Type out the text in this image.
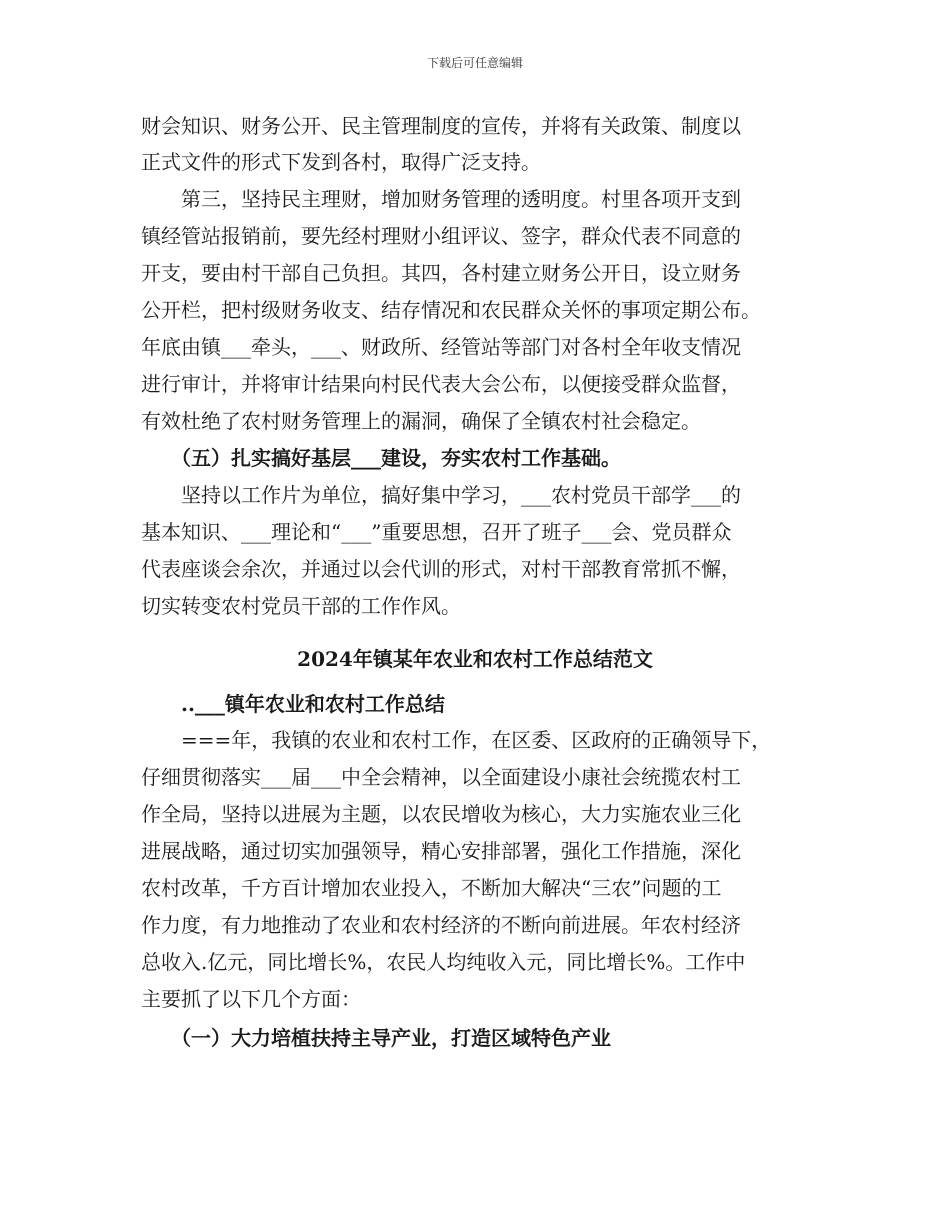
下载后可任意编辑
财会知识、财务公开、民主管理制度的宣传，并将有关政策、制度以
正式文件的形式下发到各村，取得广泛支持。
　　第三，坚持民主理财，增加财务管理的透明度。村里各项开支到
镇经管站报销前，要先经村理财小组评议、签字，群众代表不同意的
开支，要由村干部自己负担。其四，各村建立财务公开日，设立财务
公开栏，把村级财务收支、结存情况和农民群众关怀的事项定期公布。
年底由镇___牵头，___、财政所、经管站等部门对各村全年收支情况
进行审计，并将审计结果向村民代表大会公布，以便接受群众监督，
有效杜绝了农村财务管理上的漏洞，确保了全镇农村社会稳定。
　　（五）扎实搞好基层___建设，夯实农村工作基础。
　　坚持以工作片为单位，搞好集中学习，___农村党员干部学___的
基本知识、___理论和“___”重要思想，召开了班子___会、党员群众
代表座谈会余次，并通过以会代训的形式，对村干部教育常抓不懈，
切实转变农村党员干部的工作作风。
2024年镇某年农业和农村工作总结范文
　　..___镇年农业和农村工作总结
　　===年，我镇的农业和农村工作，在区委、区政府的正确领导下，
仔细贯彻落实___届___中全会精神，以全面建设小康社会统揽农村工
作全局，坚持以进展为主题，以农民增收为核心，大力实施农业三化
进展战略，通过切实加强领导，精心安排部署，强化工作措施，深化
农村改革，千方百计增加农业投入，不断加大解决“三农”问题的工
作力度，有力地推动了农业和农村经济的不断向前进展。年农村经济
总收入.亿元，同比增长%，农民人均纯收入元，同比增长%。工作中
主要抓了以下几个方面：
　　（一）大力培植扶持主导产业，打造区域特色产业
